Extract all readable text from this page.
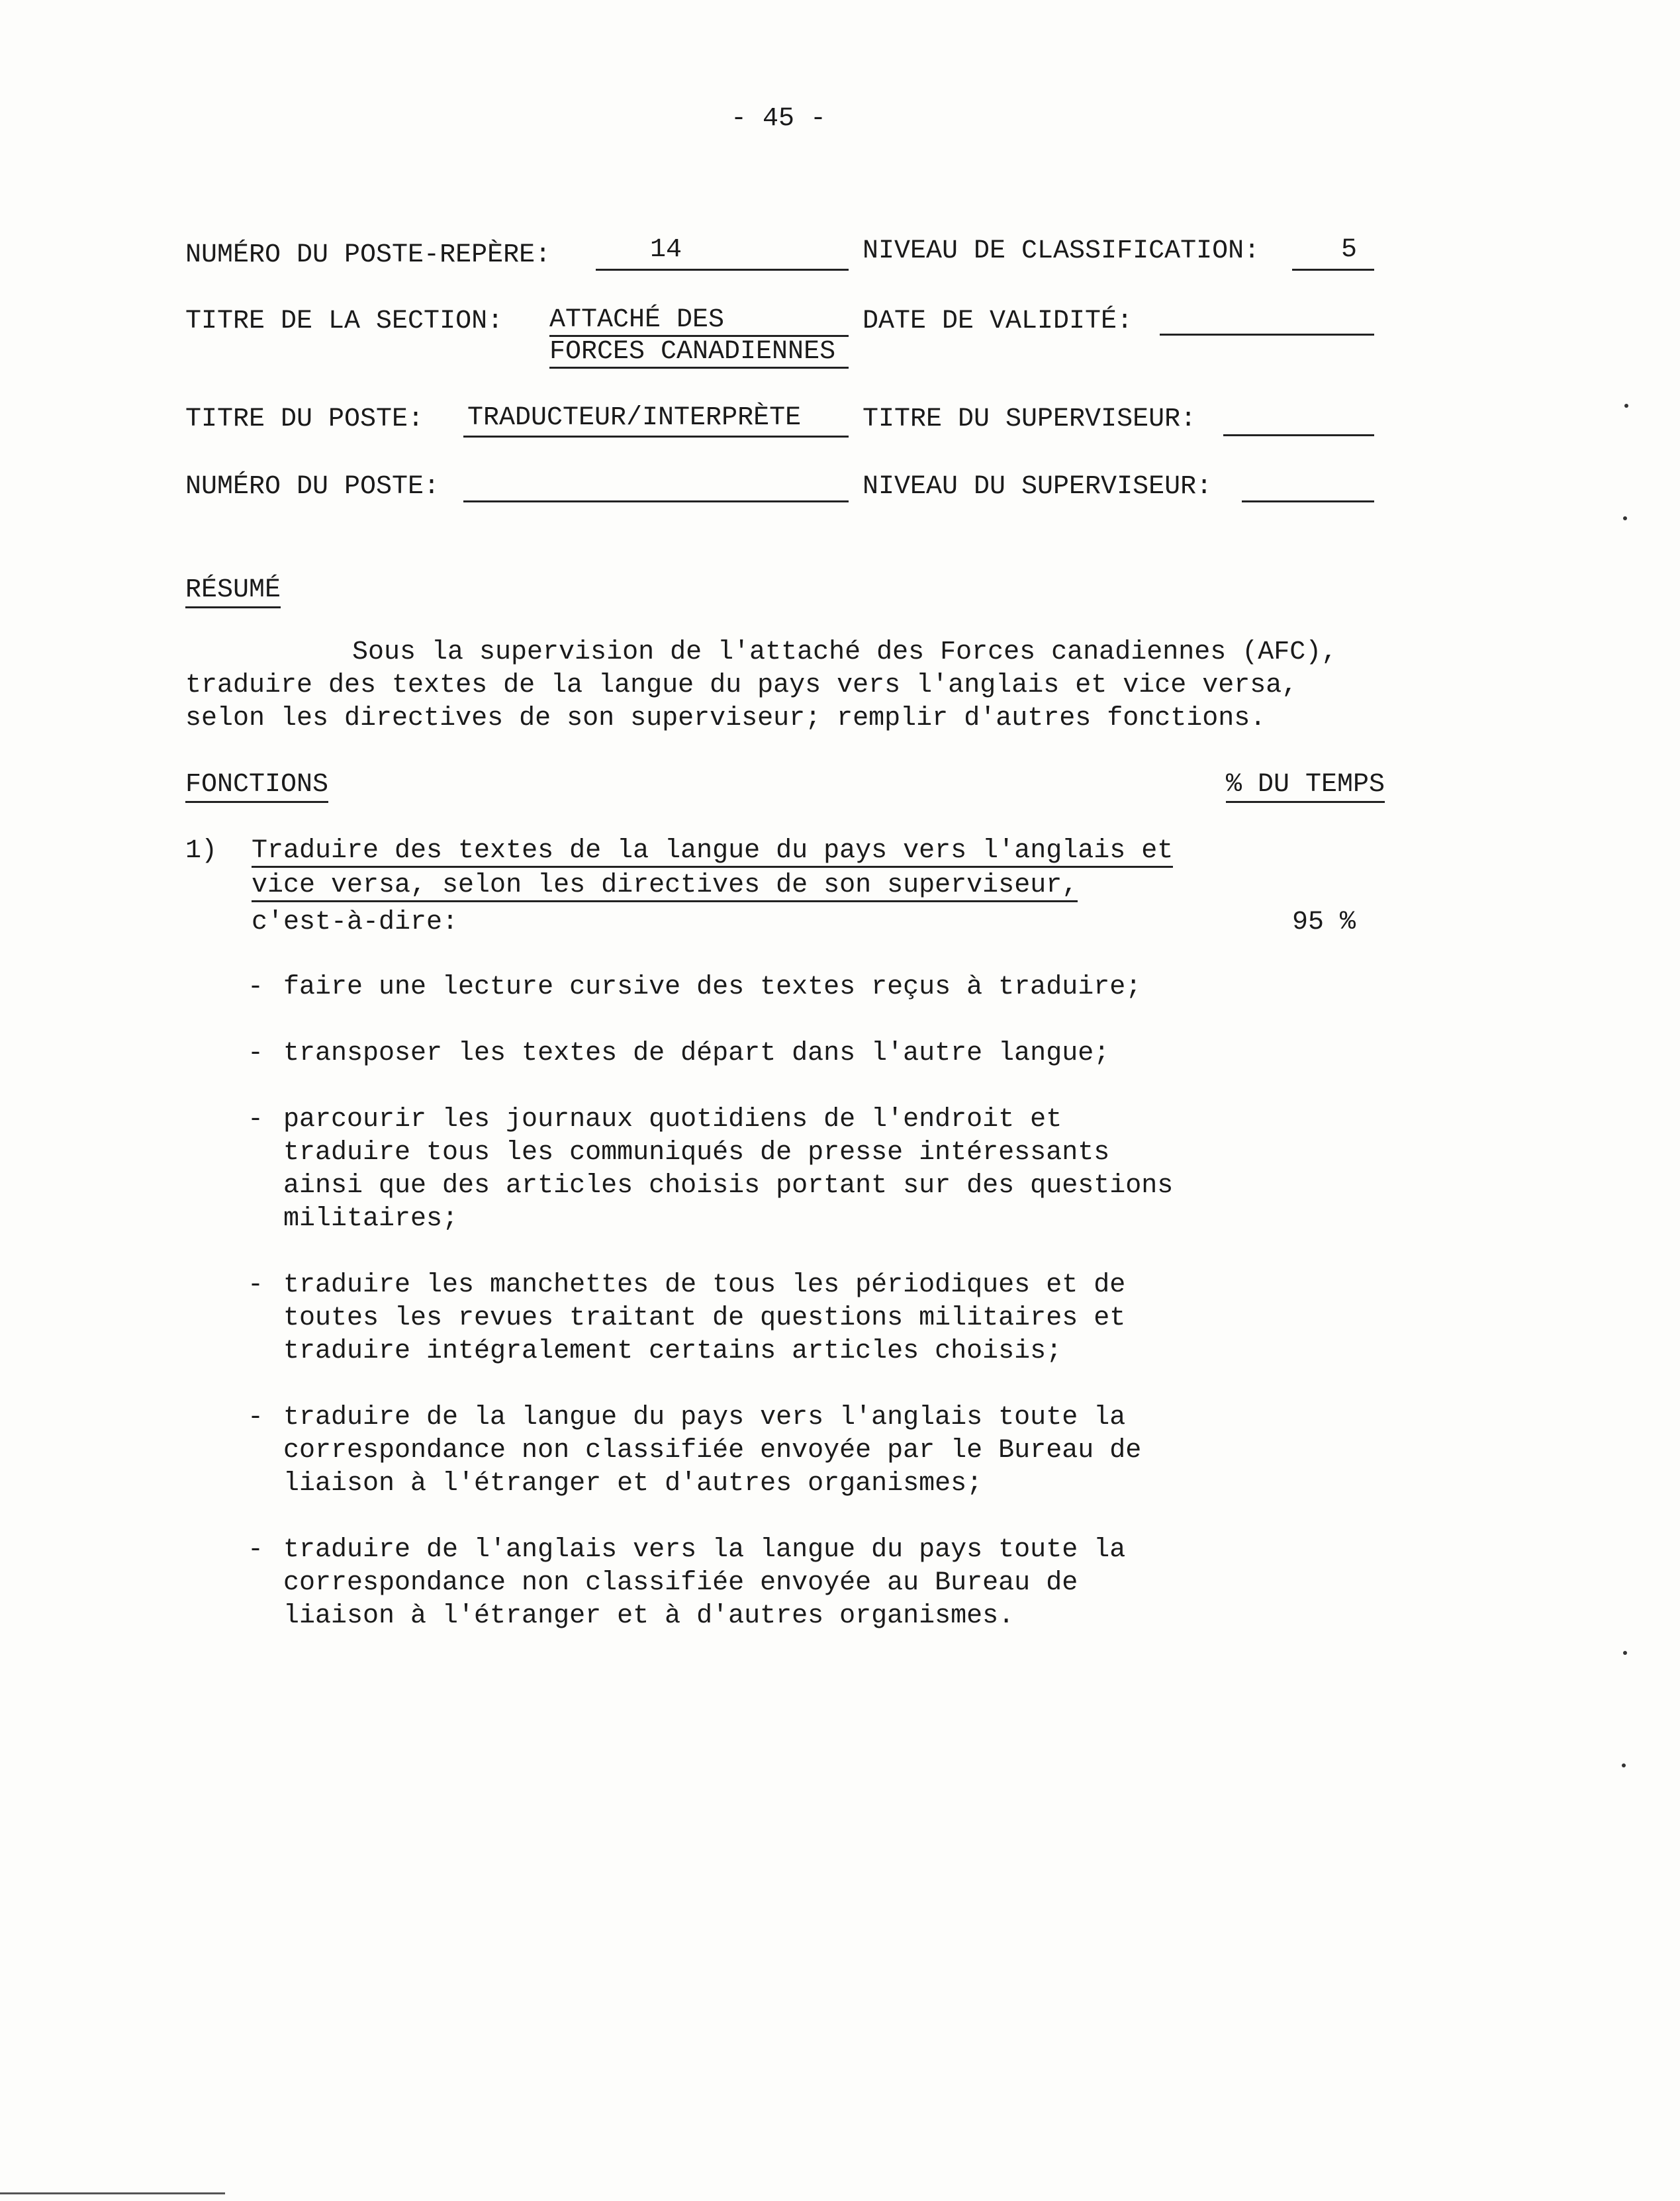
- 45 -
NUMÉRO DU POSTE-REPÈRE:	14	NIVEAU DE CLASSIFICATION:	5
TITRE DE LA SECTION: ATTACHÉ DES
FORCES CANADIENNES
DATE DE VALIDITÉ:
TITRE DU POSTE: TRADUCTEUR/INTERPRÈTE TITRE DU SUPERVISEUR:
NUMÉRO DU POSTE:	NIVEAU DU SUPERVISEUR:
RÉSUMÉ
Sous la supervision de l'attaché des Forces canadiennes (AFC),
traduire des textes de la langue du pays vers l'anglais et vice versa,
selon les directives de son superviseur; remplir d'autres fonctions.
FONCTIONS	% DU TEMPS
1) Traduire des textes de la langue du pays vers l'anglais et
vice versa, selon les directives de son superviseur,
c'est-à-dire:	95 %
- faire une lecture cursive des textes reçus à traduire;
- transposer les textes de départ dans l'autre langue;
- parcourir les journaux quotidiens de l'endroit et
traduire tous les communiqués de presse intéressants
ainsi que des articles choisis portant sur des questions
militaires;
- traduire les manchettes de tous les périodiques et de
toutes les revues traitant de questions militaires et
traduire intégralement certains articles choisis;
- traduire de la langue du pays vers l'anglais toute la
correspondance non classifiée envoyée par le Bureau de
liaison à l'étranger et d'autres organismes;
- traduire de l'anglais vers la langue du pays toute la
correspondance non classifiée envoyée au Bureau de
liaison à l'étranger et à d'autres organismes.
